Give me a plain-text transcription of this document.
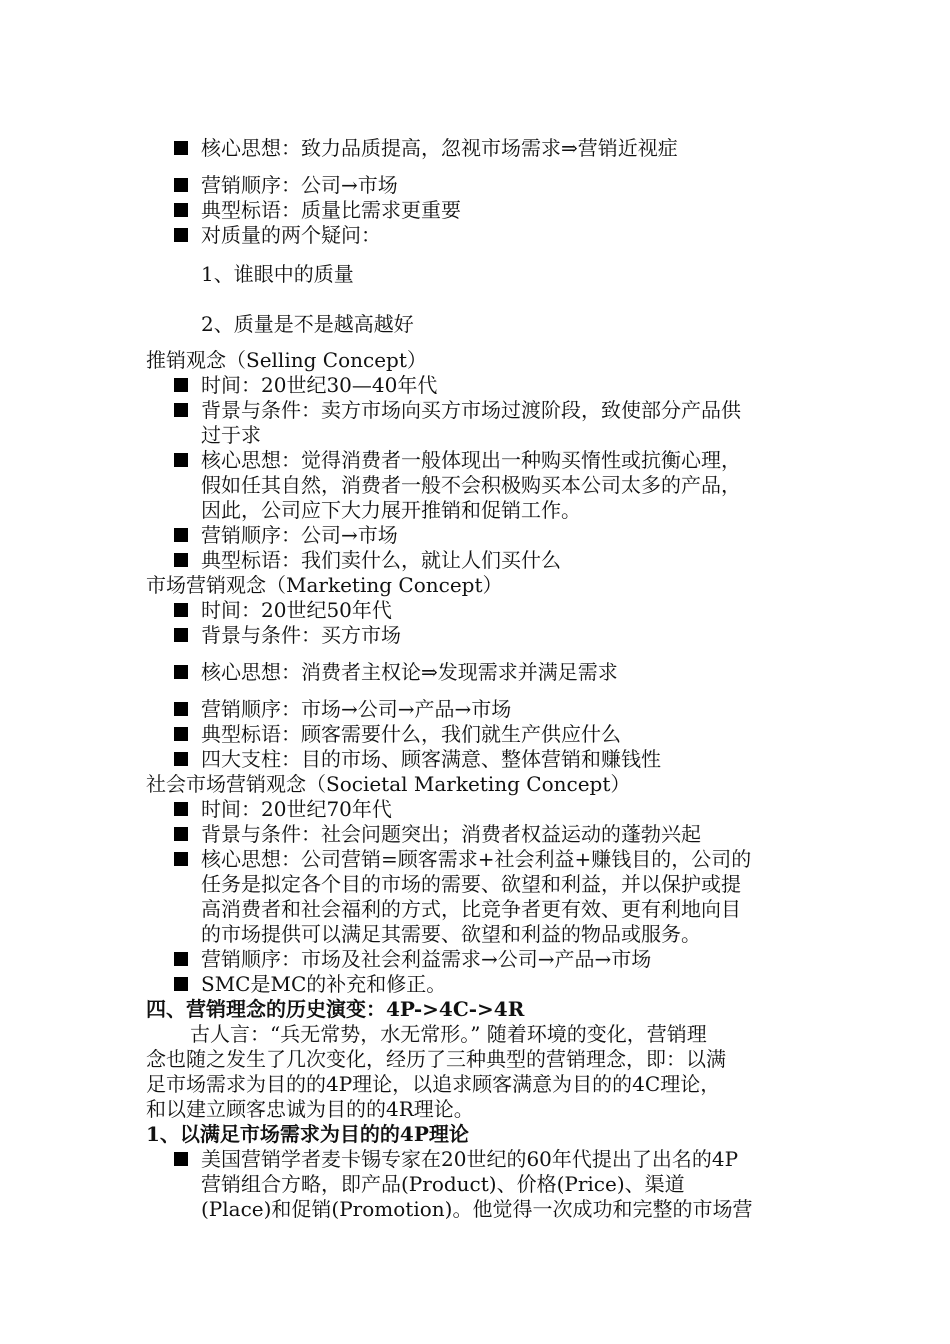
核心思想：致力品质提高，忽视市场需求⇒营销近视症
营销顺序：公司→市场
典型标语：质量比需求更重要
对质量的两个疑问：
1、谁眼中的质量
2、质量是不是越高越好
推销观念（Selling Concept）
时间：20世纪30—40年代
背景与条件：卖方市场向买方市场过渡阶段，致使部分产品供
过于求
核心思想：觉得消费者一般体现出一种购买惰性或抗衡心理，
假如任其自然，消费者一般不会积极购买本公司太多的产品，
因此，公司应下大力展开推销和促销工作。
营销顺序：公司→市场
典型标语：我们卖什么，就让人们买什么
市场营销观念（Marketing Concept）
时间：20世纪50年代
背景与条件：买方市场
核心思想：消费者主权论⇒发现需求并满足需求
营销顺序：市场→公司→产品→市场
典型标语：顾客需要什么，我们就生产供应什么
四大支柱：目的市场、顾客满意、整体营销和赚钱性
社会市场营销观念（Societal Marketing Concept）
时间：20世纪70年代
背景与条件：社会问题突出；消费者权益运动的蓬勃兴起
核心思想：公司营销=顾客需求+社会利益+赚钱目的，公司的
任务是拟定各个目的市场的需要、欲望和利益，并以保护或提
高消费者和社会福利的方式，比竞争者更有效、更有利地向目
的市场提供可以满足其需要、欲望和利益的物品或服务。
营销顺序：市场及社会利益需求→公司→产品→市场
SMC是MC的补充和修正。
四、营销理念的历史演变：4P->4C->4R
古人言：“兵无常势，水无常形。” 随着环境的变化，营销理
念也随之发生了几次变化，经历了三种典型的营销理念，即：以满
足市场需求为目的的4P理论，以追求顾客满意为目的的4C理论，
和以建立顾客忠诚为目的的4R理论。
1、以满足市场需求为目的的4P理论
美国营销学者麦卡锡专家在20世纪的60年代提出了出名的4P
营销组合方略，即产品(Product)、价格(Price)、渠道
(Place)和促销(Promotion)。他觉得一次成功和完整的市场营
